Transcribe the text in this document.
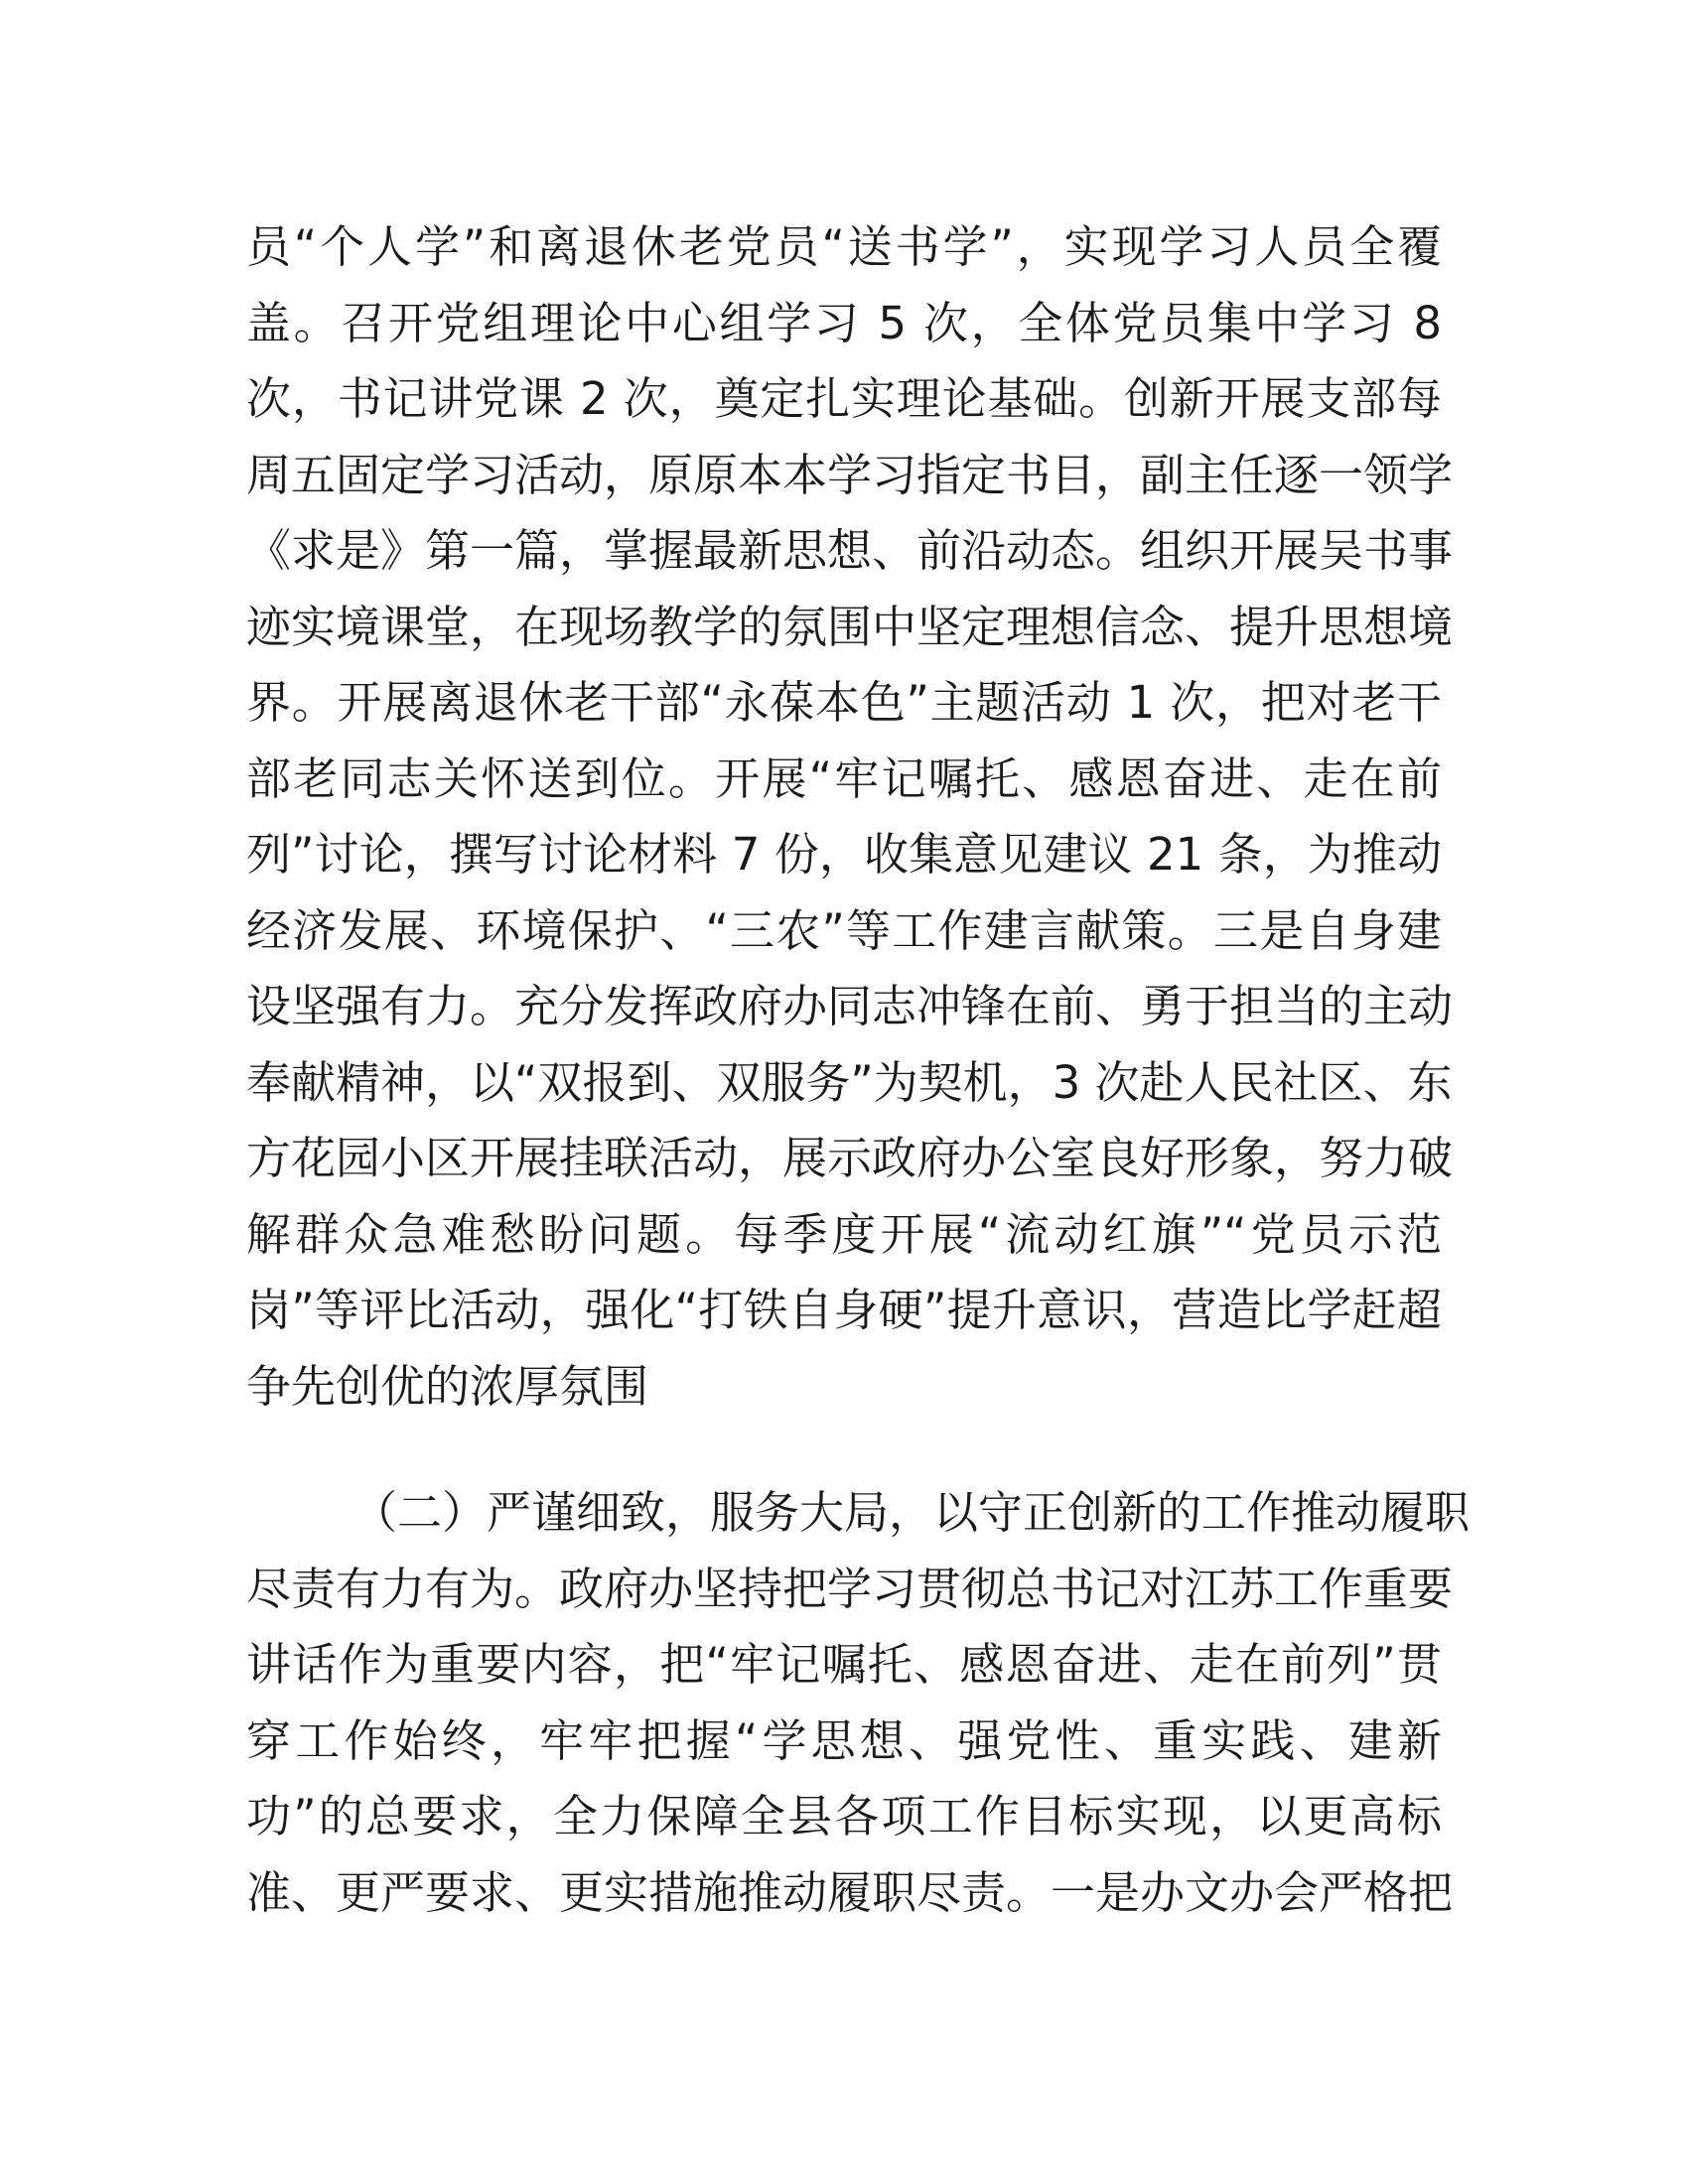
员“个人学”和离退休老党员“送书学”，实现学习人员全覆
盖。召开党组理论中心组学习 5 次，全体党员集中学习 8
次，书记讲党课 2 次，奠定扎实理论基础。创新开展支部每
周五固定学习活动，原原本本学习指定书目，副主任逐一领学
《求是》第一篇，掌握最新思想、前沿动态。组织开展吴书事
迹实境课堂，在现场教学的氛围中坚定理想信念、提升思想境
界。开展离退休老干部“永葆本色”主题活动 1 次，把对老干
部老同志关怀送到位。开展“牢记嘱托、感恩奋进、走在前
列”讨论，撰写讨论材料 7 份，收集意见建议 21 条，为推动
经济发展、环境保护、“三农”等工作建言献策。三是自身建
设坚强有力。充分发挥政府办同志冲锋在前、勇于担当的主动
奉献精神，以“双报到、双服务”为契机，3 次赴人民社区、东
方花园小区开展挂联活动，展示政府办公室良好形象，努力破
解群众急难愁盼问题。每季度开展“流动红旗”“党员示范
岗”等评比活动，强化“打铁自身硬”提升意识，营造比学赶超
争先创优的浓厚氛围
（二）严谨细致，服务大局，以守正创新的工作推动履职
尽责有力有为。政府办坚持把学习贯彻总书记对江苏工作重要
讲话作为重要内容，把“牢记嘱托、感恩奋进、走在前列”贯
穿工作始终，牢牢把握“学思想、强党性、重实践、建新
功”的总要求，全力保障全县各项工作目标实现，以更高标
准、更严要求、更实措施推动履职尽责。一是办文办会严格把
